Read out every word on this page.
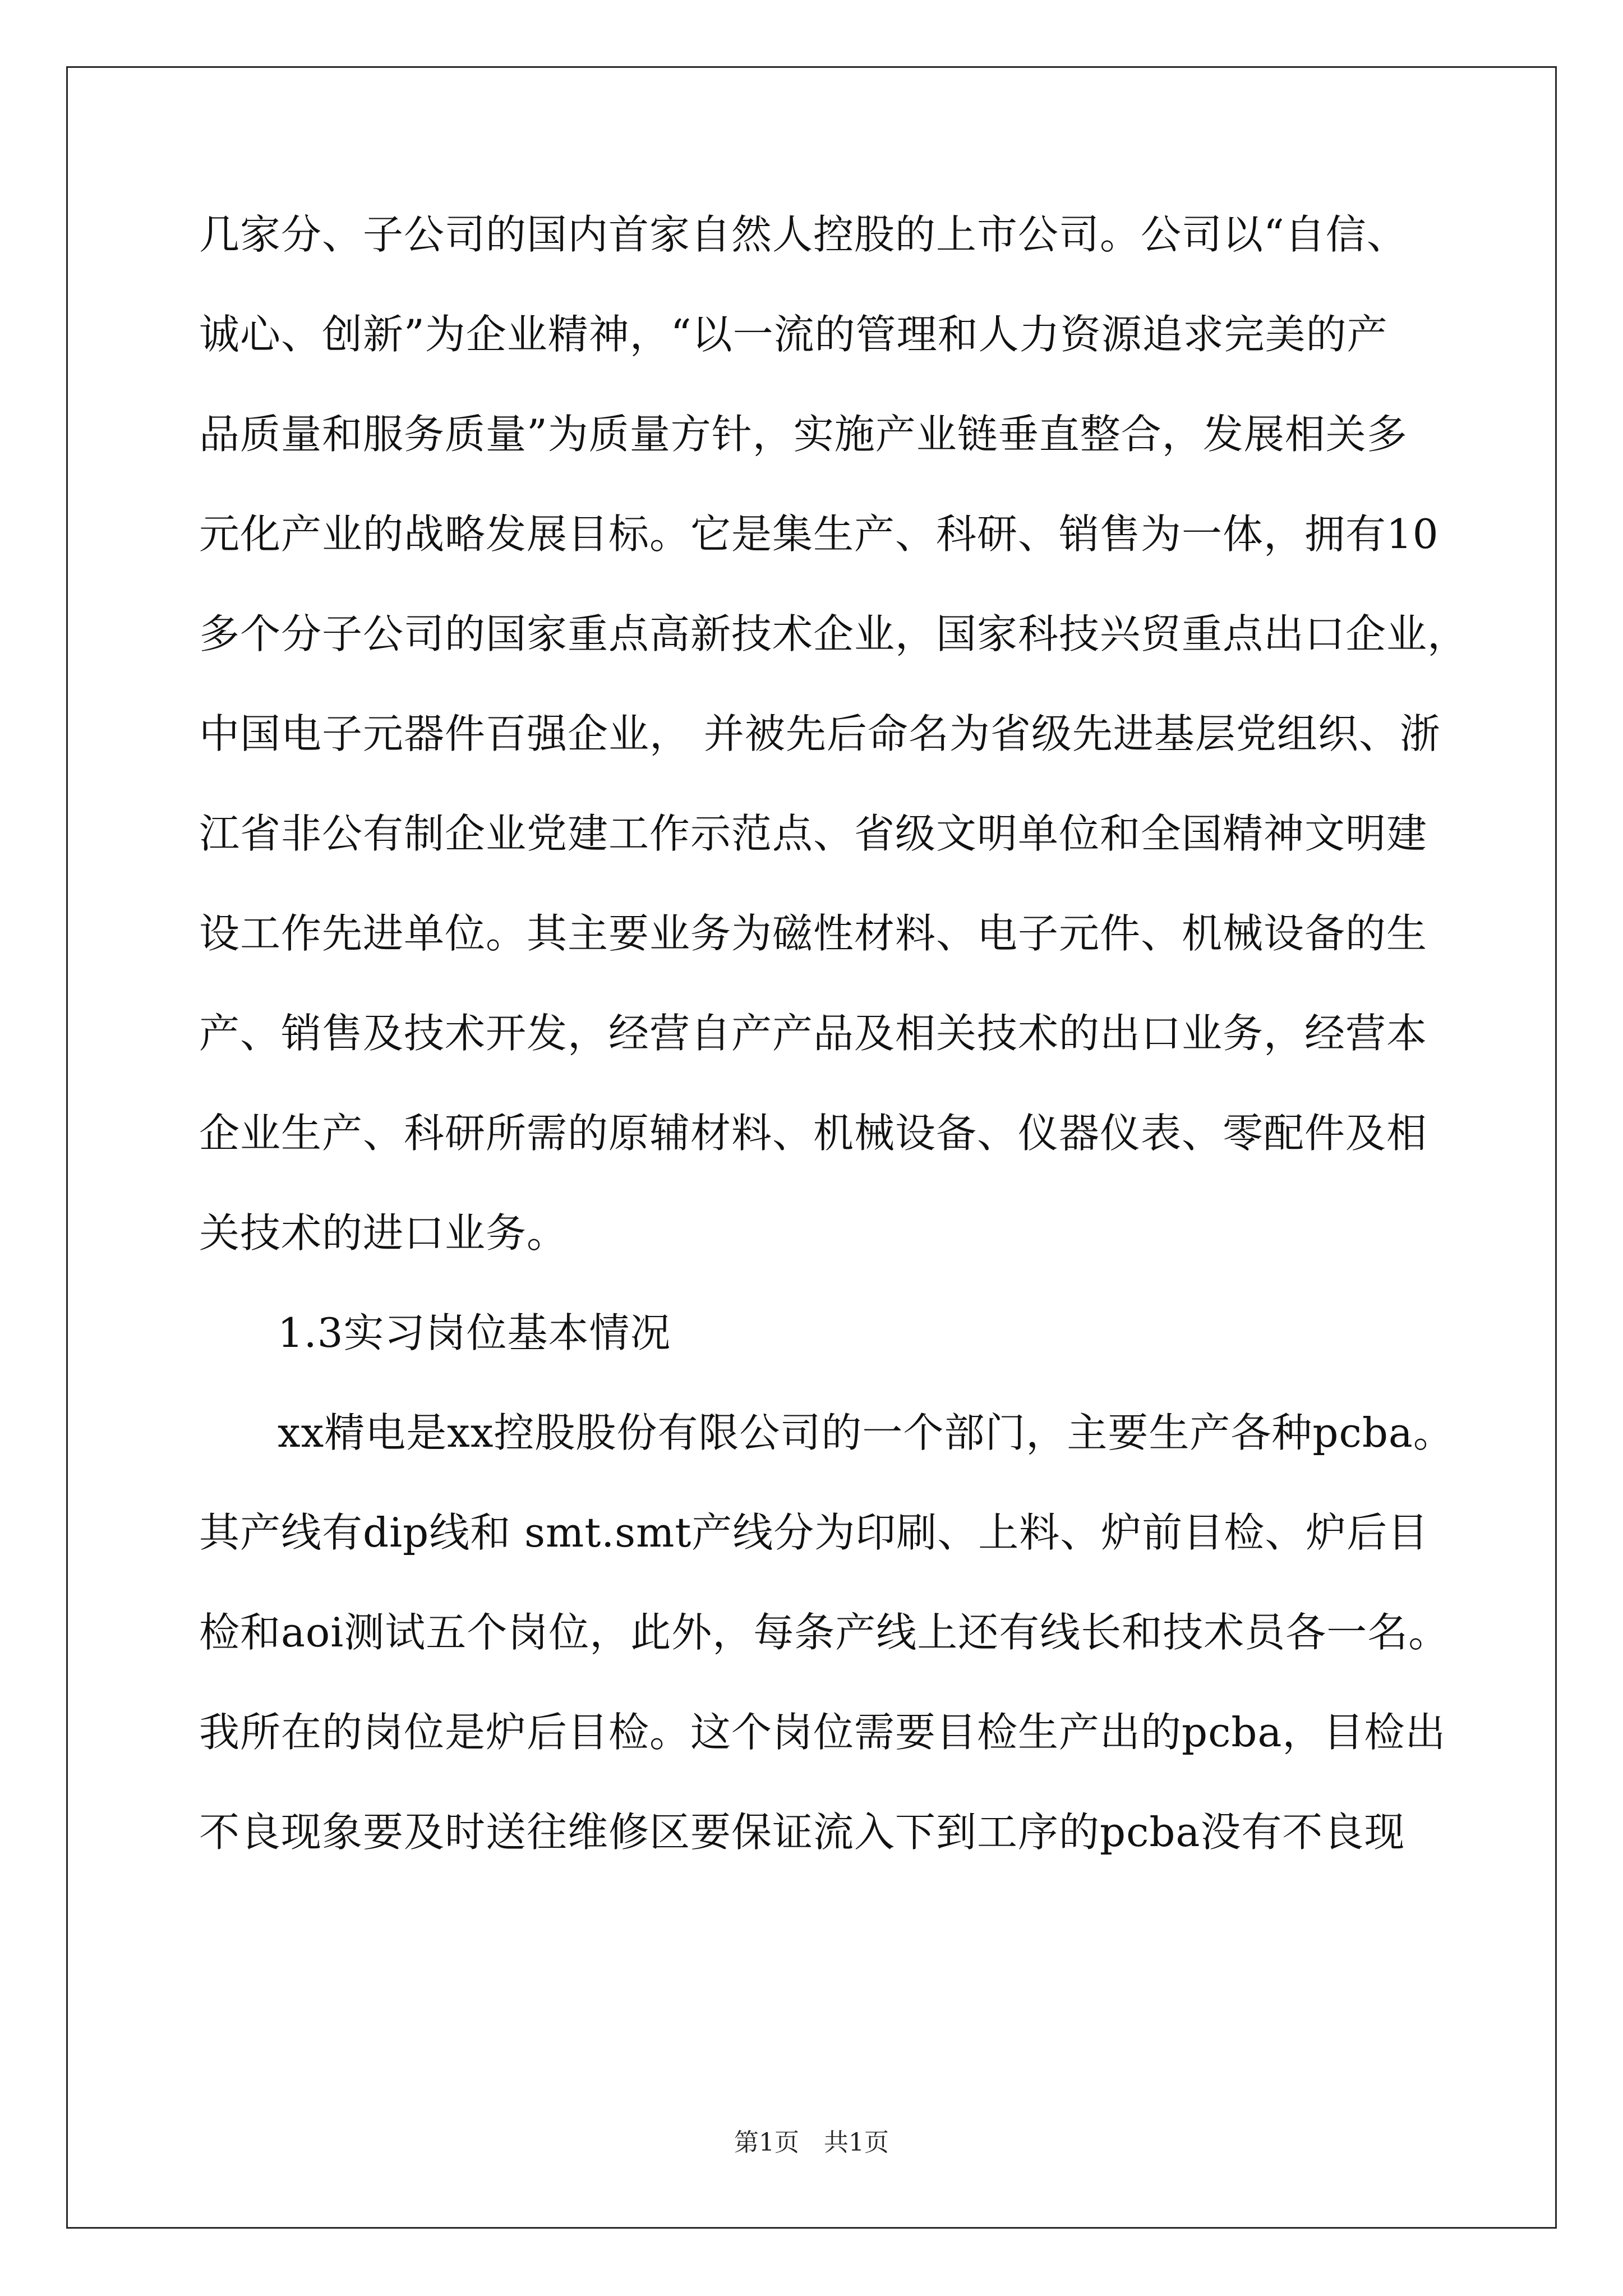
几家分、子公司的国内首家自然人控股的上市公司。公司以“自信、

诚心、创新”为企业精神，“以一流的管理和人力资源追求完美的产

品质量和服务质量”为质量方针，实施产业链垂直整合，发展相关多

元化产业的战略发展目标。它是集生产、科研、销售为一体，拥有10

多个分子公司的国家重点高新技术企业，国家科技兴贸重点出口企业，

中国电子元器件百强企业， 并被先后命名为省级先进基层党组织、浙

江省非公有制企业党建工作示范点、省级文明单位和全国精神文明建

设工作先进单位。其主要业务为磁性材料、电子元件、机械设备的生

产、销售及技术开发，经营自产产品及相关技术的出口业务，经营本

企业生产、科研所需的原辅材料、机械设备、仪器仪表、零配件及相

关技术的进口业务。

1.3实习岗位基本情况

xx精电是xx控股股份有限公司的一个部门，主要生产各种pcba。

其产线有dip线和 smt.smt产线分为印刷、上料、炉前目检、炉后目

检和aoi测试五个岗位，此外，每条产线上还有线长和技术员各一名。

我所在的岗位是炉后目检。这个岗位需要目检生产出的pcba，目检出

不良现象要及时送往维修区要保证流入下到工序的pcba没有不良现

第1页　共1页
